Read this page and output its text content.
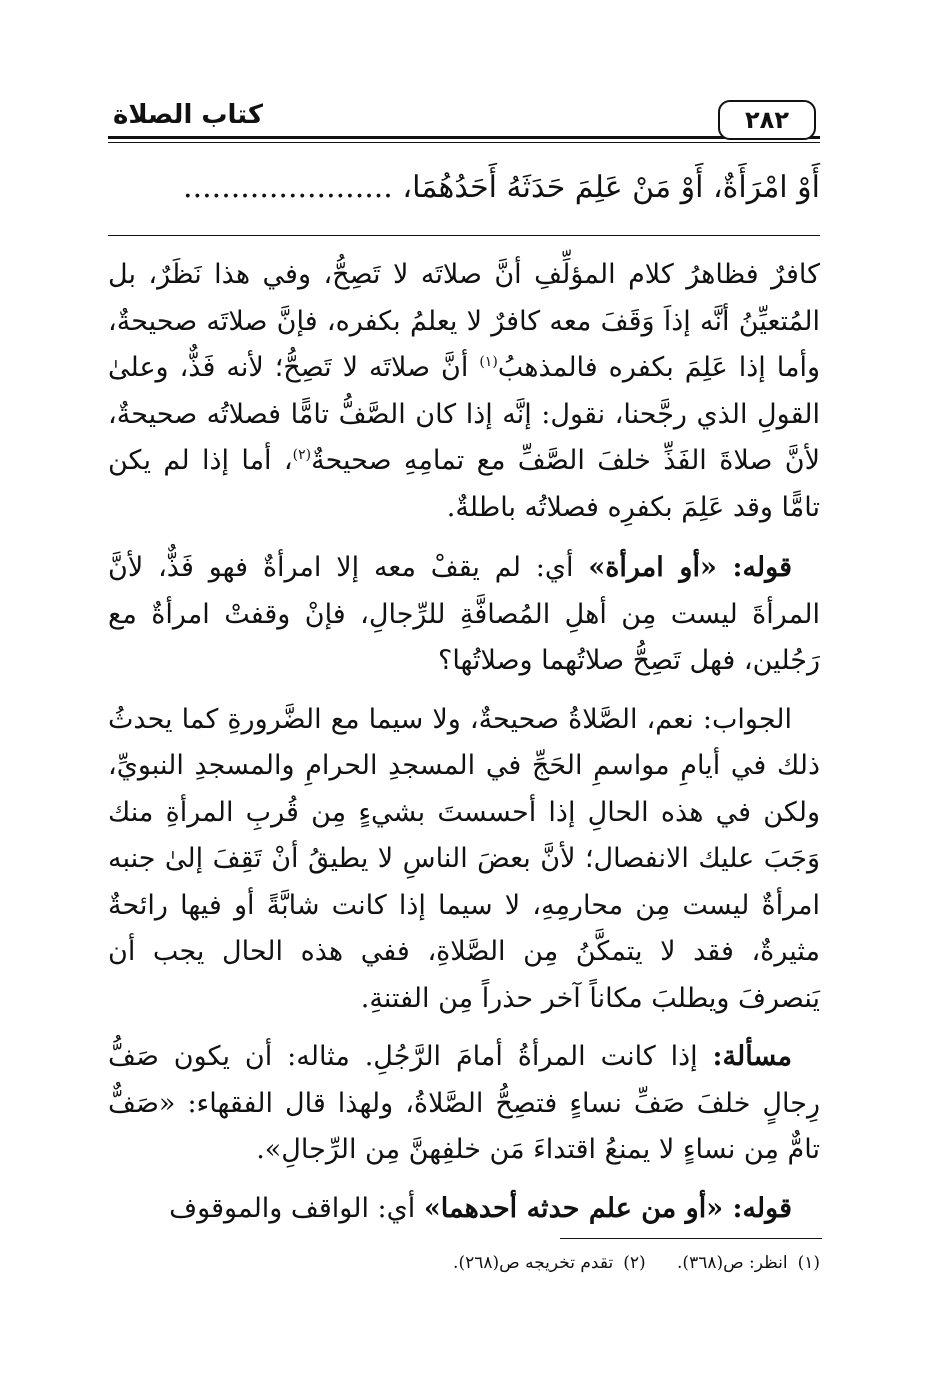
٢٨٢
كتاب الصلاة
أَوْ امْرَأَةٌ، أَوْ مَنْ عَلِمَ حَدَثَهُ أَحَدُهُمَا، ......................

كافرٌ فظاهرُ كلام المؤلِّفِ أنَّ صلاتَه لا تَصِحُّ، وفي هذا نَظَرٌ، بل المُتعيِّنُ أنَّه إذاَ وَقَفَ معه كافرٌ لا يعلمُ بكفره، فإنَّ صلاتَه صحيحةٌ، وأما إذا عَلِمَ بكفره فالمذهبُ$^{(١)}$ أنَّ صلاتَه لا تَصِحُّ؛ لأنه فَذٌّ، وعلىٰ القولِ الذي رجَّحنا، نقول: إنَّه إذا كان الصَّفُّ تامًّا فصلاتُه صحيحةٌ، لأنَّ صلاةَ الفَذِّ خلفَ الصَّفِّ مع تمامِهِ صحيحةٌ$^{(٢)}$، أما إذا لم يكن تامًّا وقد عَلِمَ بكفرِه فصلاتُه باطلةٌ.

قوله: «أو امرأة» أي: لم يقفْ معه إلا امرأةٌ فهو فَذٌّ، لأنَّ المرأةَ ليست مِن أهلِ المُصافَّةِ للرِّجالِ، فإنْ وقفتْ امرأةٌ مع رَجُلين، فهل تَصِحُّ صلاتُهما وصلاتُها؟

الجواب: نعم، الصَّلاةُ صحيحةٌ، ولا سيما مع الضَّرورةِ كما يحدثُ ذلك في أيامِ مواسمِ الحَجِّ في المسجدِ الحرامِ والمسجدِ النبويِّ، ولكن في هذه الحالِ إذا أحسستَ بشيءٍ مِن قُربِ المرأةِ منك وَجَبَ عليك الانفصال؛ لأنَّ بعضَ الناسِ لا يطيقُ أنْ تَقِفَ إلىٰ جنبه امرأةٌ ليست مِن محارمِهِ، لا سيما إذا كانت شابَّةً أو فيها رائحةٌ مثيرةٌ، فقد لا يتمكَّنُ مِن الصَّلاةِ، ففي هذه الحال يجب أن يَنصرفَ ويطلبَ مكاناً آخر حذراً مِن الفتنةِ.

مسألة: إذا كانت المرأةُ أمامَ الرَّجُلِ. مثاله: أن يكون صَفُّ رِجالٍ خلفَ صَفِّ نساءٍ فتصِحُّ الصَّلاةُ، ولهذا قال الفقهاء: «صَفٌّ تامٌّ مِن نساءٍ لا يمنعُ اقتداءَ مَن خلفِهنَّ مِن الرِّجالِ».

قوله: «أو من علم حدثه أحدهما» أي: الواقف والموقوف

(١)انظر: ص(٣٦٨). (٢)تقدم تخريجه ص(٢٦٨).
